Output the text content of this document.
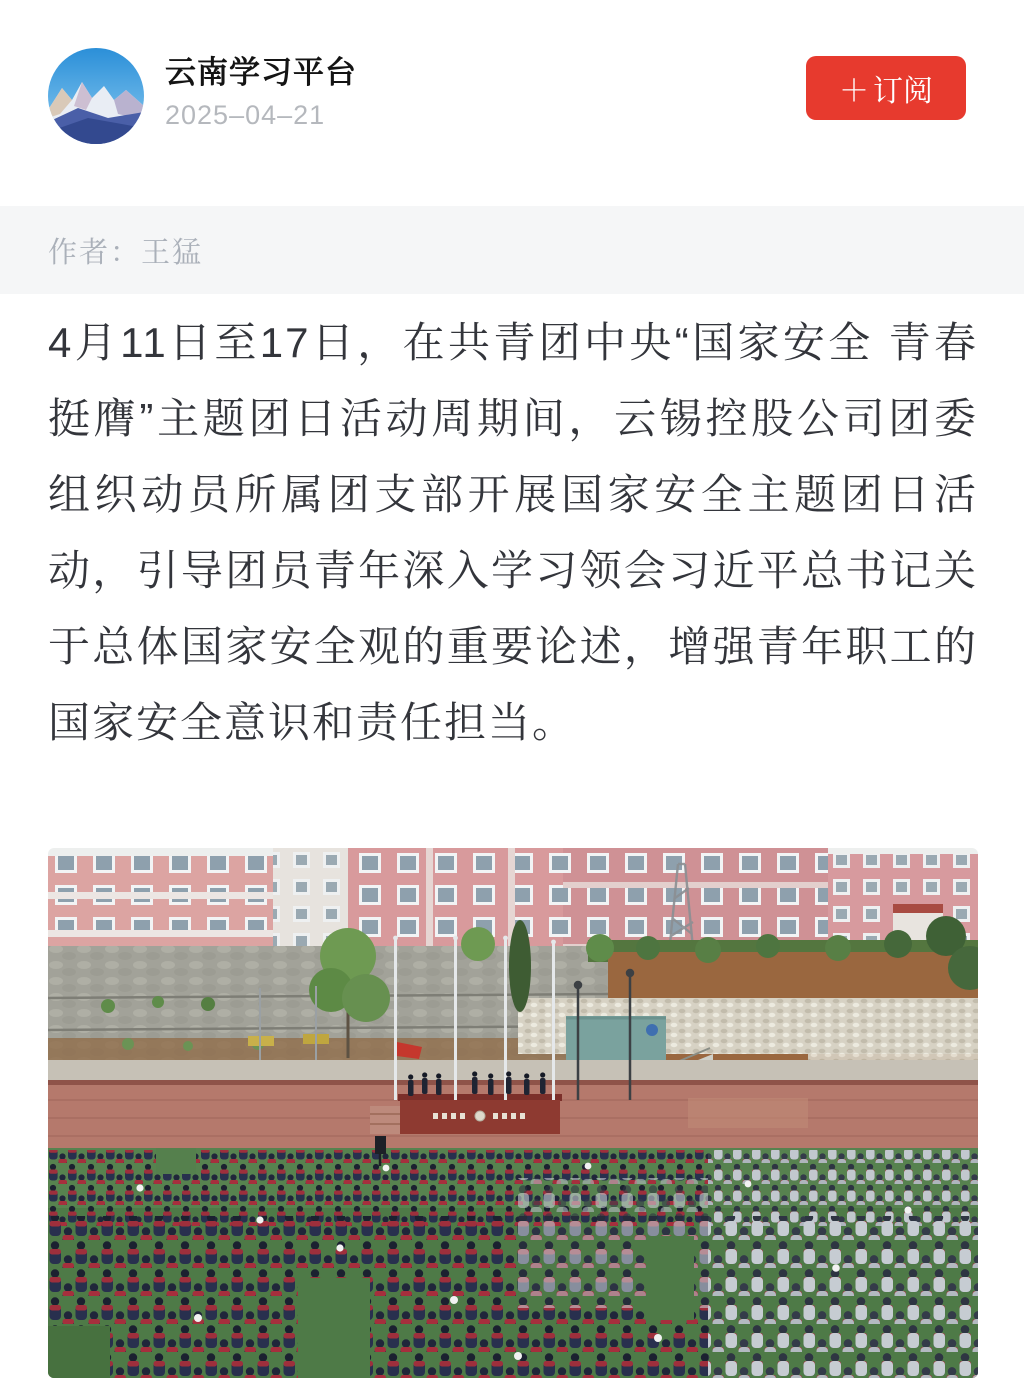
云南学习平台
2025–04–21
＋ 订阅
作者：王猛
4月11日至17日，在共青团中央“国家安全 青春挺膺”主题团日活动周期间，云锡控股公司团委组织动员所属团支部开展国家安全主题团日活动，引导团员青年深入学习领会习近平总书记关于总体国家安全观的重要论述，增强青年职工的国家安全意识和责任担当。
